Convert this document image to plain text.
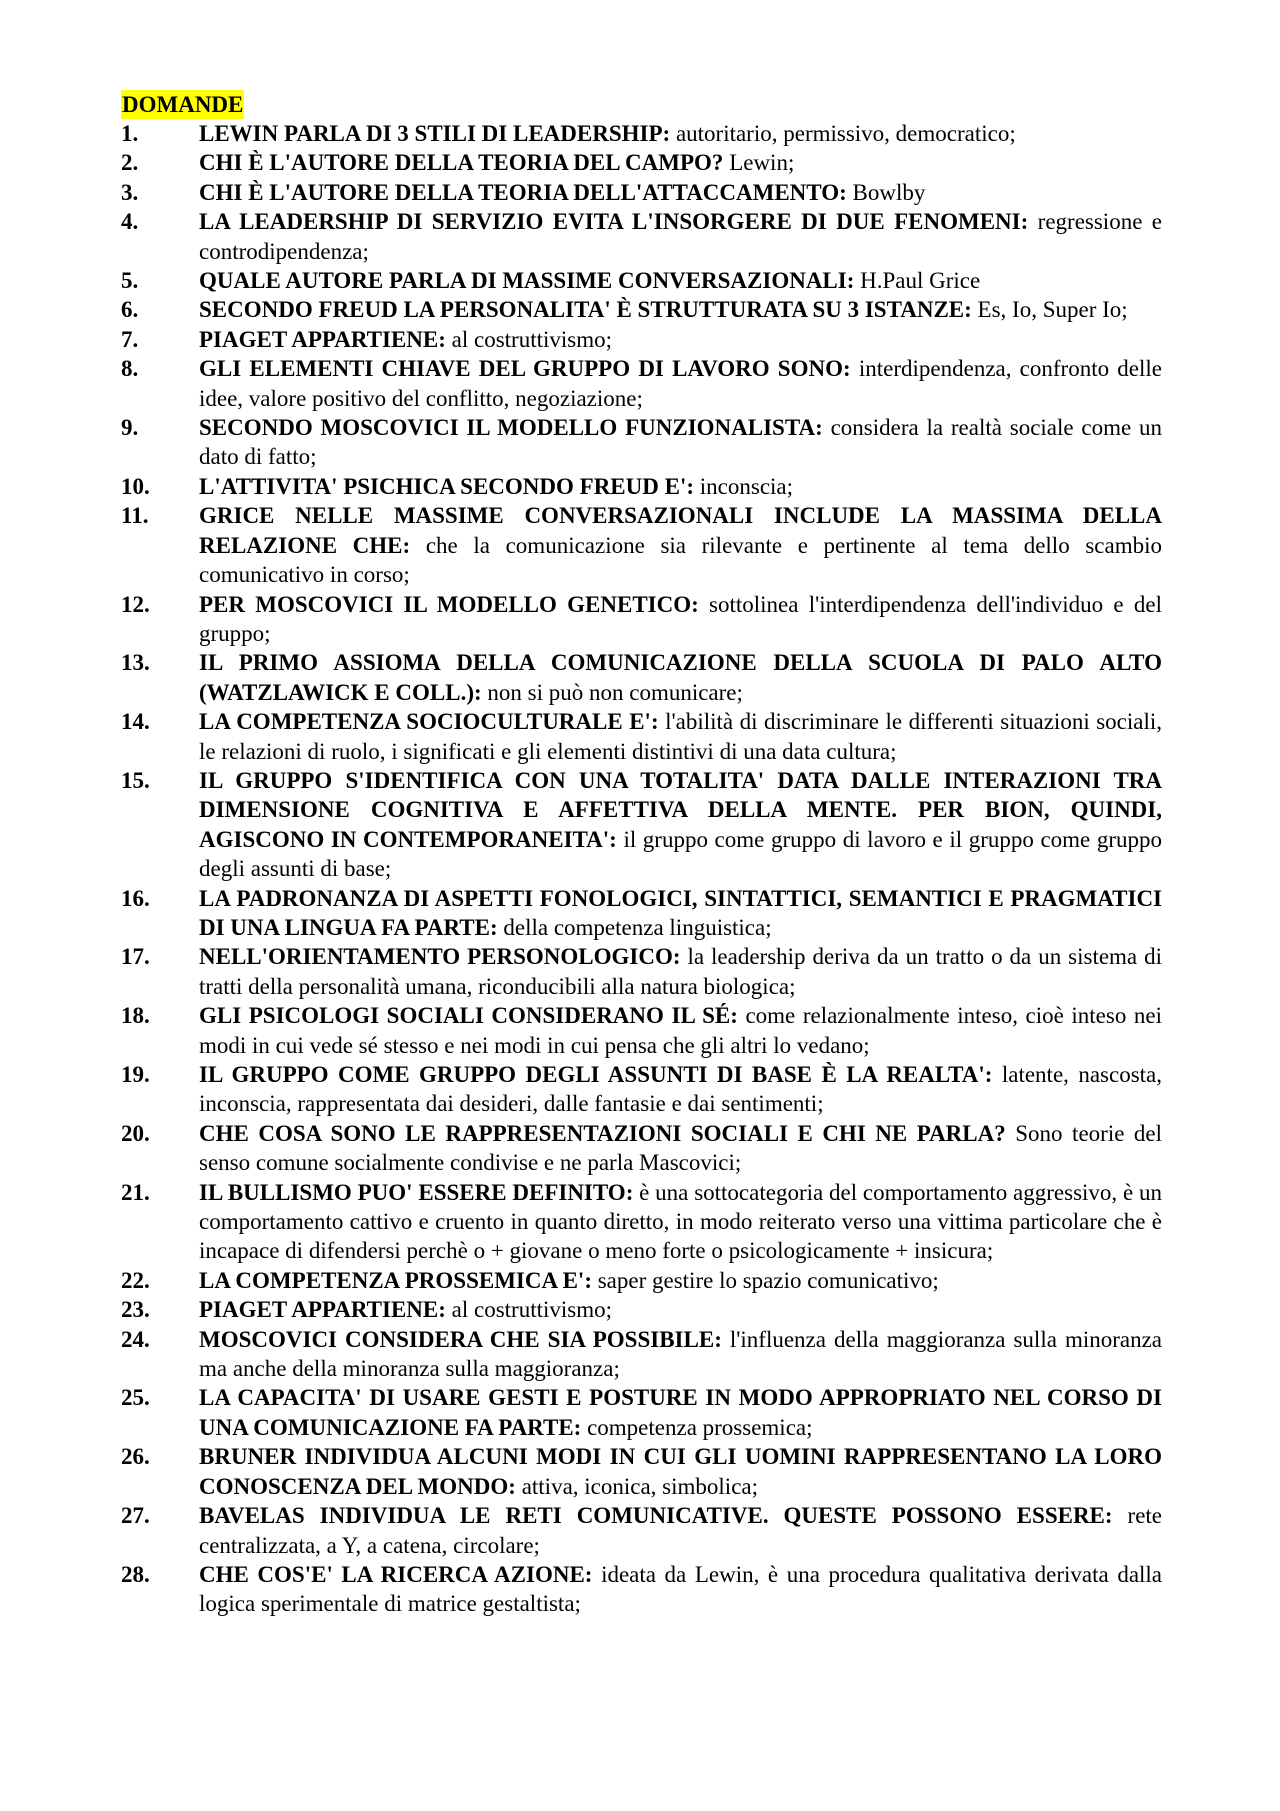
DOMANDE
1.	LEWIN PARLA DI 3 STILI DI LEADERSHIP: autoritario, permissivo, democratico;
2.	CHI È L'AUTORE DELLA TEORIA DEL CAMPO? Lewin;
3.	CHI È L'AUTORE DELLA TEORIA DELL'ATTACCAMENTO: Bowlby
4.	LA LEADERSHIP DI SERVIZIO EVITA L'INSORGERE DI DUE FENOMENI: regressione e controdipendenza;
5.	QUALE AUTORE PARLA DI MASSIME CONVERSAZIONALI: H.Paul Grice
6.	SECONDO FREUD LA PERSONALITA' È STRUTTURATA SU 3 ISTANZE: Es, Io, Super Io;
7.	PIAGET APPARTIENE: al costruttivismo;
8.	GLI ELEMENTI CHIAVE DEL GRUPPO DI LAVORO SONO: interdipendenza, confronto delle idee, valore positivo del conflitto, negoziazione;
9.	SECONDO MOSCOVICI IL MODELLO FUNZIONALISTA: considera la realtà sociale come un dato di fatto;
10.	L'ATTIVITA' PSICHICA SECONDO FREUD E': inconscia;
11.	GRICE NELLE MASSIME CONVERSAZIONALI INCLUDE LA MASSIMA DELLA RELAZIONE CHE: che la comunicazione sia rilevante e pertinente al tema dello scambio comunicativo in corso;
12.	PER MOSCOVICI IL MODELLO GENETICO: sottolinea l'interdipendenza dell'individuo e del gruppo;
13.	IL PRIMO ASSIOMA DELLA COMUNICAZIONE DELLA SCUOLA DI PALO ALTO (WATZLAWICK E COLL.): non si può non comunicare;
14.	LA COMPETENZA SOCIOCULTURALE E': l'abilità di discriminare le differenti situazioni sociali, le relazioni di ruolo, i significati e gli elementi distintivi di una data cultura;
15.	IL GRUPPO S'IDENTIFICA CON UNA TOTALITA' DATA DALLE INTERAZIONI TRA DIMENSIONE COGNITIVA E AFFETTIVA DELLA MENTE. PER BION, QUINDI, AGISCONO IN CONTEMPORANEITA': il gruppo come gruppo di lavoro e il gruppo come gruppo degli assunti di base;
16.	LA PADRONANZA DI ASPETTI FONOLOGICI, SINTATTICI, SEMANTICI E PRAGMATICI DI UNA LINGUA FA PARTE: della competenza linguistica;
17.	NELL'ORIENTAMENTO PERSONOLOGICO: la leadership deriva da un tratto o da un sistema di tratti della personalità umana, riconducibili alla natura biologica;
18.	GLI PSICOLOGI SOCIALI CONSIDERANO IL SÉ: come relazionalmente inteso, cioè inteso nei modi in cui vede sé stesso e nei modi in cui pensa che gli altri lo vedano;
19.	IL GRUPPO COME GRUPPO DEGLI ASSUNTI DI BASE È LA REALTA': latente, nascosta, inconscia, rappresentata dai desideri, dalle fantasie e dai sentimenti;
20.	CHE COSA SONO LE RAPPRESENTAZIONI SOCIALI E CHI NE PARLA? Sono teorie del senso comune socialmente condivise e ne parla Mascovici;
21.	IL BULLISMO PUO' ESSERE DEFINITO: è una sottocategoria del comportamento aggressivo, è un comportamento cattivo e cruento in quanto diretto, in modo reiterato verso una vittima particolare che è incapace di difendersi perchè o + giovane o meno forte o psicologicamente + insicura;
22.	LA COMPETENZA PROSSEMICA E': saper gestire lo spazio comunicativo;
23.	PIAGET APPARTIENE: al costruttivismo;
24.	MOSCOVICI CONSIDERA CHE SIA POSSIBILE: l'influenza della maggioranza sulla minoranza ma anche della minoranza sulla maggioranza;
25.	LA CAPACITA' DI USARE GESTI E POSTURE IN MODO APPROPRIATO NEL CORSO DI UNA COMUNICAZIONE FA PARTE: competenza prossemica;
26.	BRUNER INDIVIDUA ALCUNI MODI IN CUI GLI UOMINI RAPPRESENTANO LA LORO CONOSCENZA DEL MONDO: attiva, iconica, simbolica;
27.	BAVELAS INDIVIDUA LE RETI COMUNICATIVE. QUESTE POSSONO ESSERE: rete centralizzata, a Y, a catena, circolare;
28.	CHE COS'E' LA RICERCA AZIONE: ideata da Lewin, è una procedura qualitativa derivata dalla logica sperimentale di matrice gestaltista;
